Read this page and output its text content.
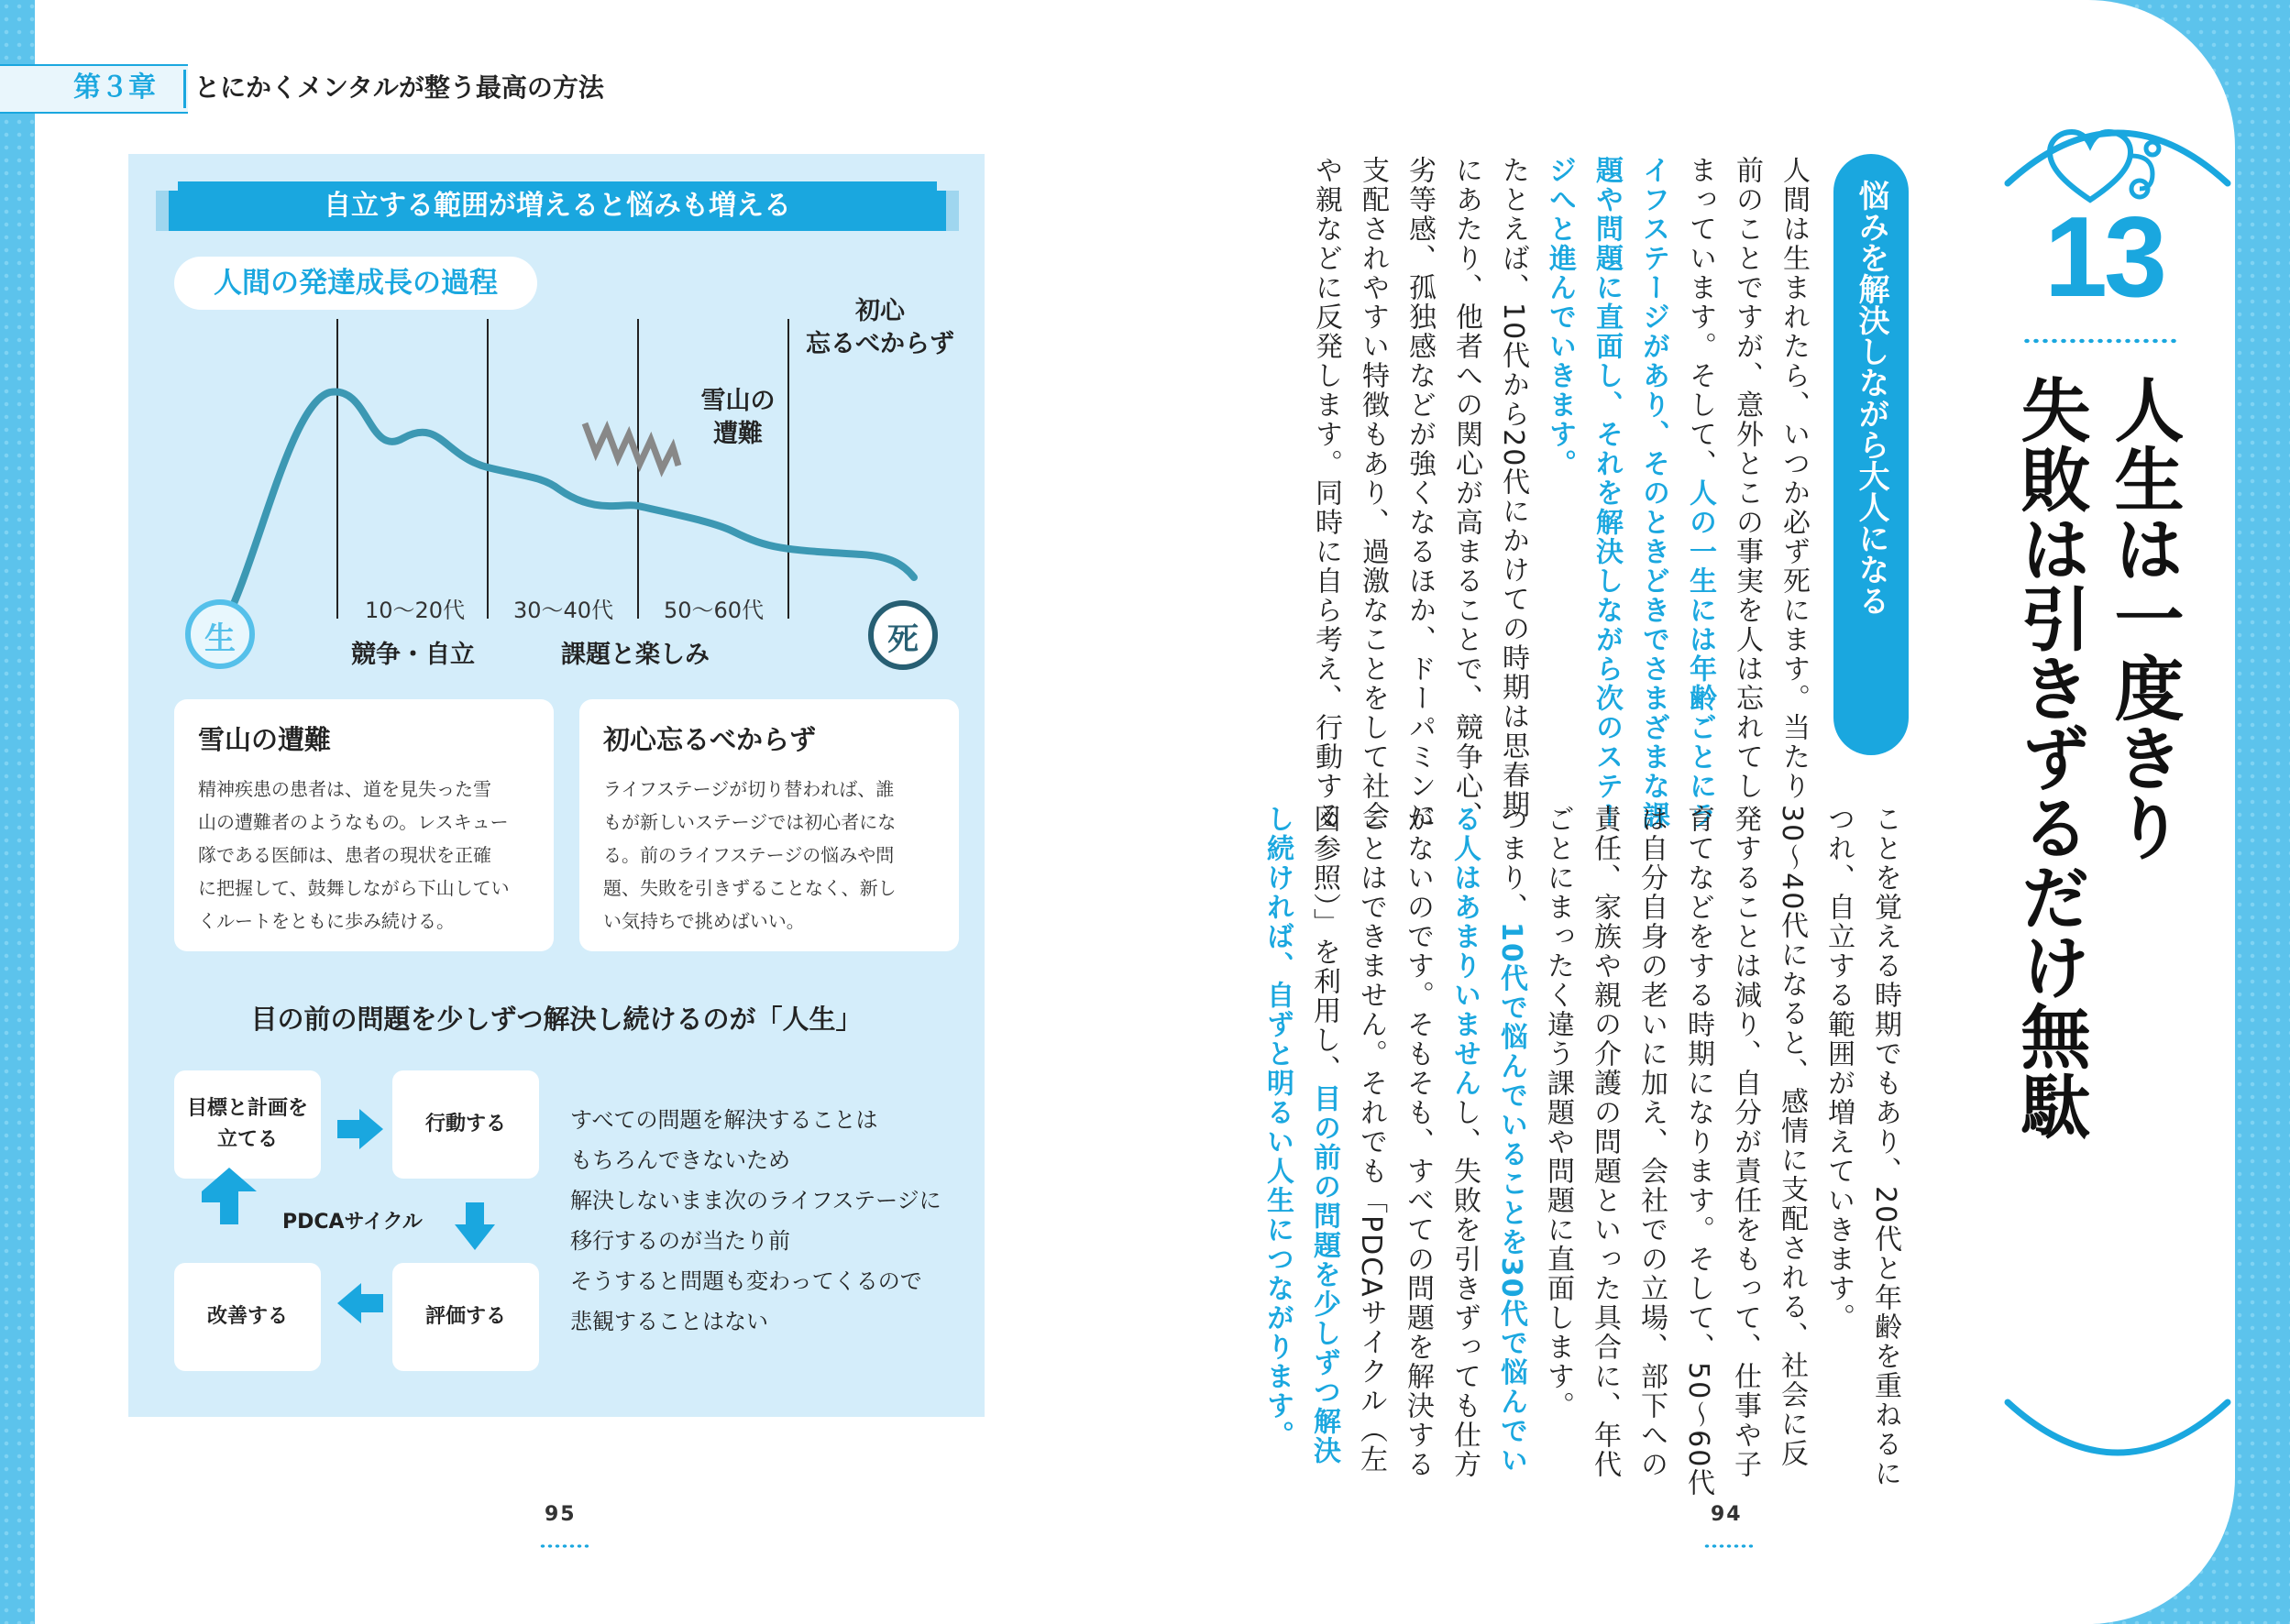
第３章 とにかくメンタルが整う最高の方法
自立する範囲が増えると悩みも増える
人間の発達成長の過程
生	死
10〜20代 30〜40代 50〜60代
競争・自立	課題と楽しみ
雪山の
遭難
初心
忘るべからず
雪山の遭難
精神疾患の患者は、道を見失った雪
山の遭難者のようなもの。レスキュー
隊である医師は、患者の現状を正確
に把握して、鼓舞しながら下山してい
くルートをともに歩み続ける。
初心忘るべからず
ライフステージが切り替われば、誰
もが新しいステージでは初心者にな
る。前のライフステージの悩みや問
題、失敗を引きずることなく、新し
い気持ちで挑めばいい。
目の前の問題を少しずつ解決し続けるのが「人生」
目標と計画を
立てる
行動する
評価する
改善する
PDCAサイクル
すべての問題を解決することは
もちろんできないため
解決しないまま次のライフステージに
移行するのが当たり前
そうすると問題も変わってくるので
悲観することはない
95	94
13
人生は一度きり
失敗は引きずるだけ無駄
悩みを解決しながら大人になる
人間は生まれたら、いつか必ず死にます。当たり
前のことですが、意外とこの事実を人は忘れてし
まっています。そして、人の一生には年齢ごとにラ
イフステージがあり、そのときどきでさまざまな課
題や問題に直面し、それを解決しながら次のステー
ジへと進んでいきます。
たとえば、10代から20代にかけての時期は思春期
にあたり、他者への関心が高まることで、競争心、
劣等感、孤独感などが強くなるほか、ドーパミンに
支配されやすい特徴もあり、過激なことをして社会
や親などに反発します。同時に自ら考え、行動する
ことを覚える時期でもあり、20代と年齢を重ねるに
つれ、自立する範囲が増えていきます。
30〜40代になると、感情に支配される、社会に反
発することは減り、自分が責任をもって、仕事や子
育てなどをする時期になります。そして、50〜60代
は自分自身の老いに加え、会社での立場、部下への
責任、家族や親の介護の問題といった具合に、年代
ごとにまったく違う課題や問題に直面します。
つまり、10代で悩んでいることを30代で悩んでい
る人はあまりいませんし、失敗を引きずっても仕方
がないのです。そもそも、すべての問題を解決する
ことはできません。それでも「PDCAサイクル（左
図参照）」を利用し、目の前の問題を少しずつ解決
し続ければ、自ずと明るい人生につながります。
